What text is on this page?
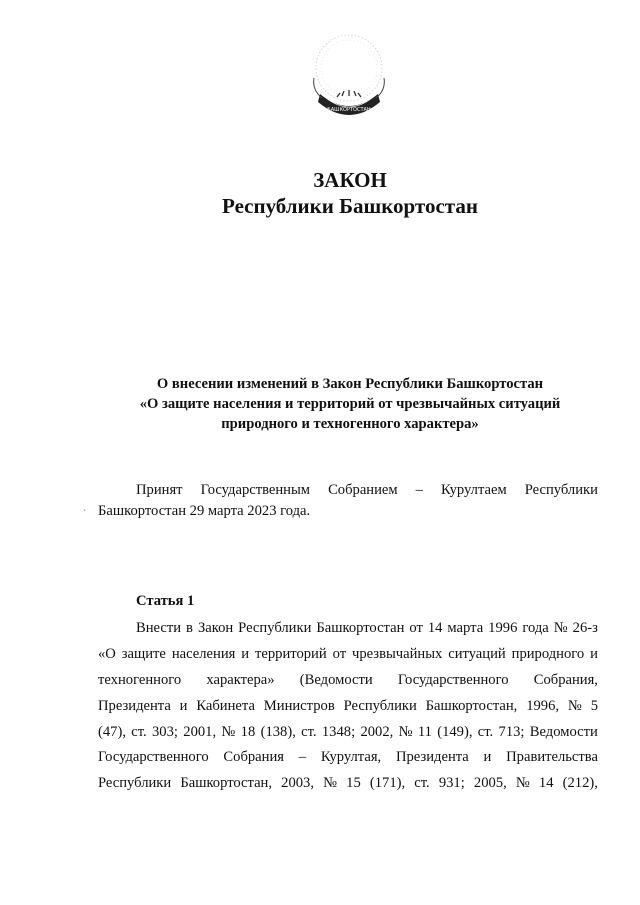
БАШКОРТОСТАН
ЗАКОН
Республики Башкортостан
О внесении изменений в Закон Республики Башкортостан
«О защите населения и территорий от чрезвычайных ситуаций
природного и техногенного характера»
Принят Государственным Собранием – Курултаем Республики
Башкортостан 29 марта 2023 года.
`
Статья 1
Внести в Закон Республики Башкортостан от 14 марта 1996 года № 26-з
«О защите населения и территорий от чрезвычайных ситуаций природного и
техногенного характера» (Ведомости Государственного Собрания,
Президента и Кабинета Министров Республики Башкортостан, 1996, № 5
(47), ст. 303; 2001, № 18 (138), ст. 1348; 2002, № 11 (149), ст. 713; Ведомости
Государственного Собрания – Курултая, Президента и Правительства
Республики Башкортостан, 2003, № 15 (171), ст. 931; 2005, № 14 (212),
